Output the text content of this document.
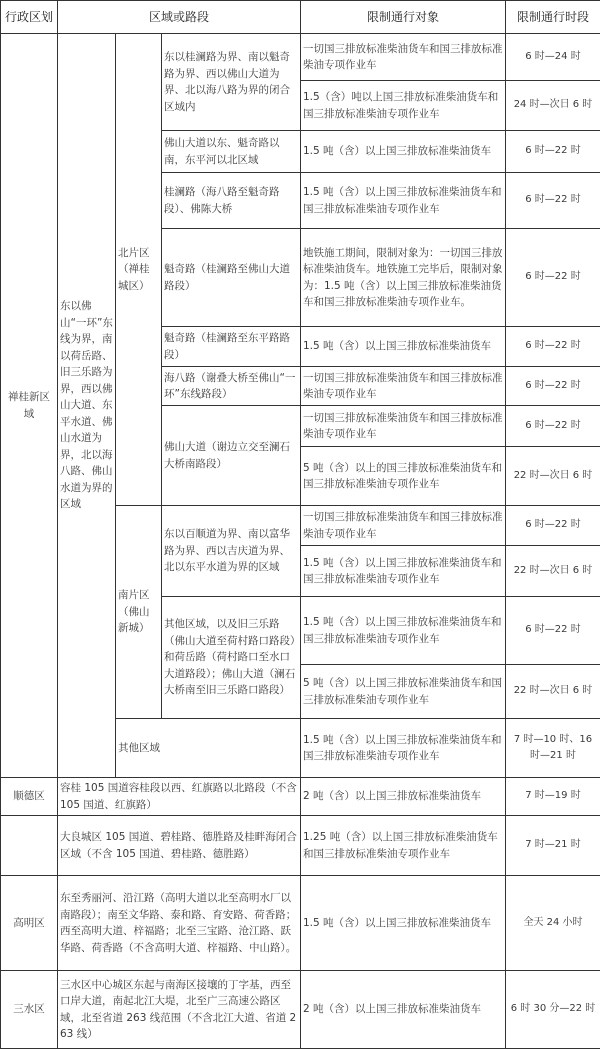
行政区划	区域或路段			限制通行对象	限制通行时段
禅桂新区域	东以佛山“一环”东线为界，南以荷岳路、旧三乐路为界，西以佛山大道、东平水道、佛山水道为界，北以海八路、佛山水道为界的区域	北片区（禅桂城区）	东以桂澜路为界、南以魁奇路为界、西以佛山大道为界、北以海八路为界的闭合区域内	一切国三排放标准柴油货车和国三排放标准柴油专项作业车	6 时—24 时
				1.5（含）吨以上国三排放标准柴油货车和国三排放标准柴油专项作业车	24 时—次日 6 时
			佛山大道以东、魁奇路以南，东平河以北区域	1.5 吨（含）以上国三排放标准柴油货车	6 时—22 时
			桂澜路（海八路至魁奇路段）、佛陈大桥	1.5 吨（含）以上国三排放标准柴油货车和国三排放标准柴油专项作业车	6 时—22 时
			魁奇路（桂澜路至佛山大道路段）	地铁施工期间，限制对象为：一切国三排放标准柴油货车。地铁施工完毕后，限制对象为：1.5 吨（含）以上国三排放标准柴油货车和国三排放标准柴油专项作业车。	6 时—22 时
			魁奇路（桂澜路至东平路路段）	1.5 吨（含）以上国三排放标准柴油货车	6 时—22 时
			海八路（谢叠大桥至佛山“一环”东线路段）	一切国三排放标准柴油货车和国三排放标准柴油专项作业车	6 时—22 时
			佛山大道（谢边立交至澜石大桥南路段）	一切国三排放标准柴油货车和国三排放标准柴油专项作业车	6 时—22 时
				5 吨（含）以上的国三排放标准柴油货车和国三排放标准柴油专项作业车	22 时—次日 6 时
		南片区（佛山新城）	东以百顺道为界、南以富华路为界、西以吉庆道为界、北以东平水道为界的区域	一切国三排放标准柴油货车和国三排放标准柴油专项作业车	6 时—22 时
				1.5 吨（含）以上国三排放标准柴油货车和国三排放标准柴油专项作业车	22 时—次日 6 时
			其他区域，以及旧三乐路（佛山大道至荷村路口路段）和荷岳路（荷村路口至水口大道路段）；佛山大道（澜石大桥南至旧三乐路口路段）	1.5 吨（含）以上国三排放标准柴油货车和国三排放标准柴油专项作业车	6 时—22 时
				5 吨（含）以上国三排放标准柴油货车和国三排放标准柴油专项作业车	22 时—次日 6 时
		其他区域		1.5 吨（含）以上国三排放标准柴油货车和国三排放标准柴油专项作业车	7 时—10 时、16 时—21 时
顺德区	容桂 105 国道容桂段以西、红旗路以北路段（不含 105 国道、红旗路）			2 吨（含）以上国三排放标准柴油货车	7 时—19 时
	大良城区 105 国道、碧桂路、德胜路及桂畔海闭合区域（不含 105 国道、碧桂路、德胜路）			1.25 吨（含）以上国三排放标准柴油货车和国三排放标准柴油专项作业车	7 时—21 时
高明区	东至秀丽河、沿江路（高明大道以北至高明水厂以南路段）；南至文华路、泰和路、育安路、荷香路；西至高明大道、梓福路；北至三宝路、沧江路、跃华路、荷香路（不含高明大道、梓福路、中山路）。			1.5 吨（含）以上国三排放标准柴油货车	全天 24 小时
三水区	三水区中心城区东起与南海区接壤的丁字基，西至口岸大道，南起北江大堤，北至广三高速公路区域，北至省道 263 线范围（不含北江大道、省道 263 线）			2 吨（含）以上国三排放标准柴油货车	6 时 30 分—22 时
